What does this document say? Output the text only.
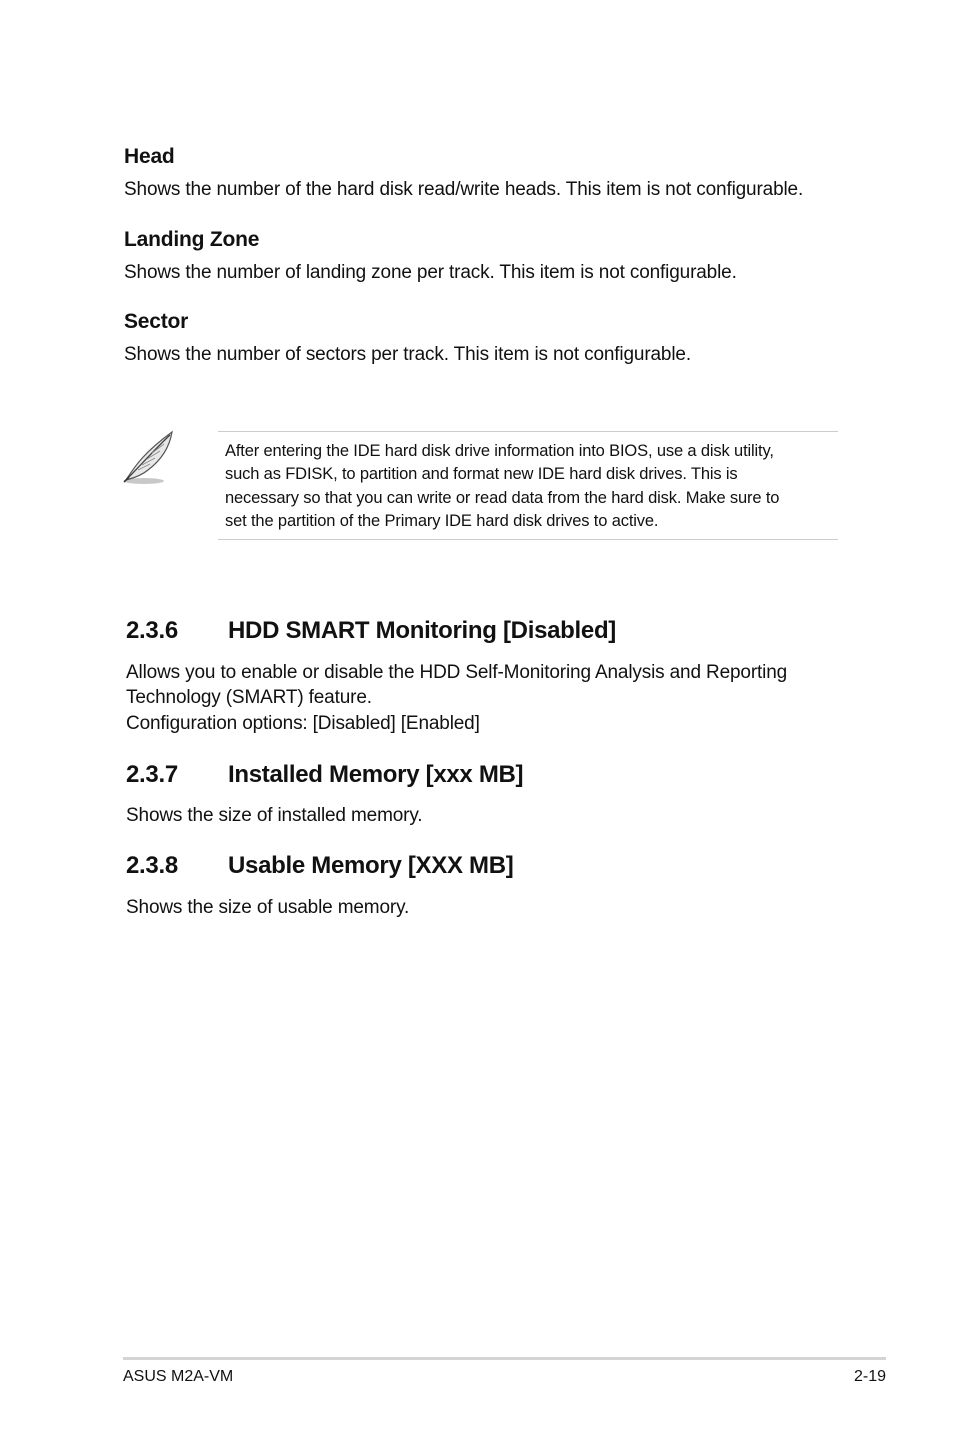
Head
Shows the number of the hard disk read/write heads. This item is not configurable.
Landing Zone
Shows the number of landing zone per track. This item is not configurable.
Sector
Shows the number of sectors per track. This item is not configurable.
After entering the IDE hard disk drive information into BIOS, use a disk utility,
such as FDISK, to partition and format new IDE hard disk drives. This is
necessary so that you can write or read data from the hard disk. Make sure to
set the partition of the Primary IDE hard disk drives to active.
2.3.6 HDD SMART Monitoring [Disabled]
Allows you to enable or disable the HDD Self-Monitoring Analysis and Reporting
Technology (SMART) feature.
Configuration options: [Disabled] [Enabled]
2.3.7 Installed Memory [xxx MB]
Shows the size of installed memory.
2.3.8 Usable Memory [XXX MB]
Shows the size of usable memory.
ASUS M2A-VM	2-19
